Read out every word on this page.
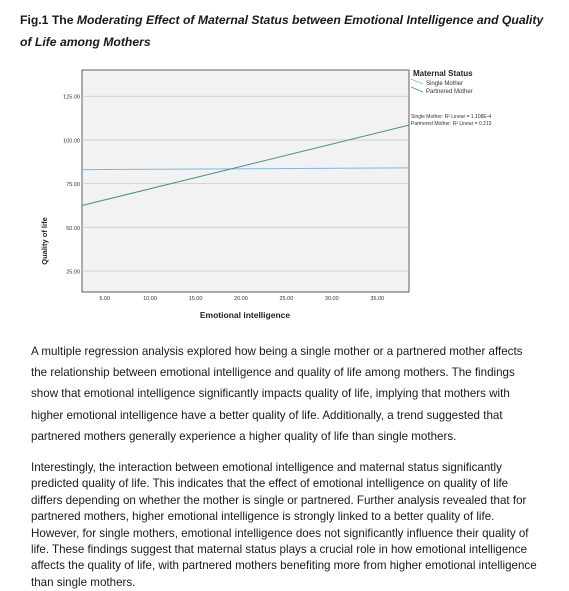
Fig.1 The Moderating Effect of Maternal Status between Emotional Intelligence and Quality of Life among Mothers
25.00
50.00
75.00
100.00
125.00
5.00	10.00	15.00	20.00	25.00	30.00	35.00
Quality of life
Emotional intelligence
Maternal Status
Single Mother
Partnered Mother
Single Mother: R² Linear = 1.108E-4
Partnered Mother: R² Linear = 0.213
A multiple regression analysis explored how being a single mother or a partnered mother affects the relationship between emotional intelligence and quality of life among mothers. The findings show that emotional intelligence significantly impacts quality of life, implying that mothers with higher emotional intelligence have a better quality of life. Additionally, a trend suggested that partnered mothers generally experience a higher quality of life than single mothers.
Interestingly, the interaction between emotional intelligence and maternal status significantly predicted quality of life. This indicates that the effect of emotional intelligence on quality of life differs depending on whether the mother is single or partnered. Further analysis revealed that for partnered mothers, higher emotional intelligence is strongly linked to a better quality of life. However, for single mothers, emotional intelligence does not significantly influence their quality of life. These findings suggest that maternal status plays a crucial role in how emotional intelligence affects the quality of life, with partnered mothers benefiting more from higher emotional intelligence than single mothers.
